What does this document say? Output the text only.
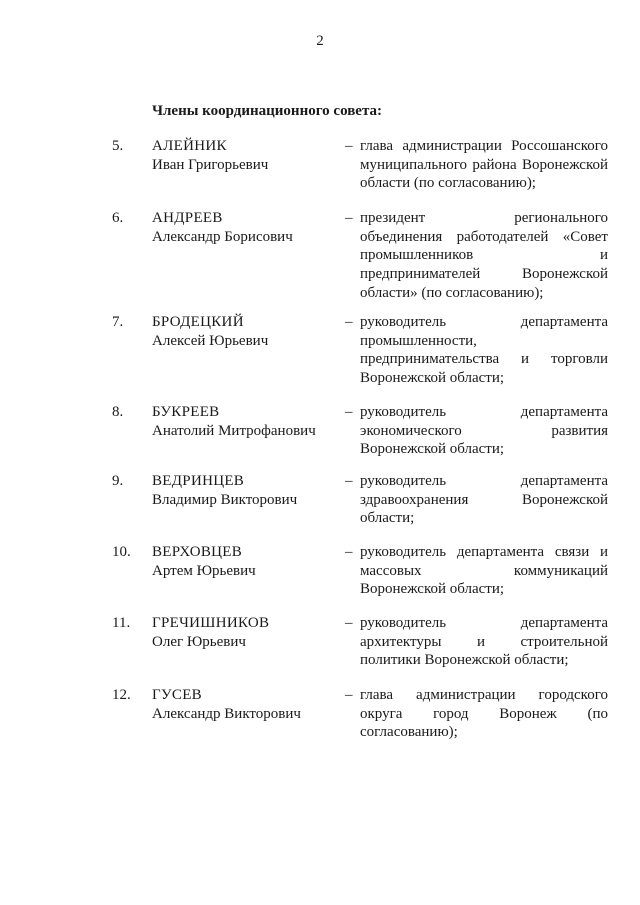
2
Члены координационного совета:
5. АЛЕЙНИК
Иван Григорьевич
– глава администрации Россошанского
муниципального района Воронежской
области (по согласованию);
6. АНДРЕЕВ
Александр Борисович
– президент регионального
объединения работодателей «Совет
промышленников и
предпринимателей Воронежской
области» (по согласованию);
7. БРОДЕЦКИЙ
Алексей Юрьевич
– руководитель департамента
промышленности,
предпринимательства и торговли
Воронежской области;
8. БУКРЕЕВ
Анатолий Митрофанович
– руководитель департамента
экономического развития
Воронежской области;
9. ВЕДРИНЦЕВ
Владимир Викторович
– руководитель департамента
здравоохранения Воронежской
области;
10. ВЕРХОВЦЕВ
Артем Юрьевич
– руководитель департамента связи и
массовых коммуникаций
Воронежской области;
11. ГРЕЧИШНИКОВ
Олег Юрьевич
– руководитель департамента
архитектуры и строительной
политики Воронежской области;
12. ГУСЕВ
Александр Викторович
– глава администрации городского
округа город Воронеж (по
согласованию);
